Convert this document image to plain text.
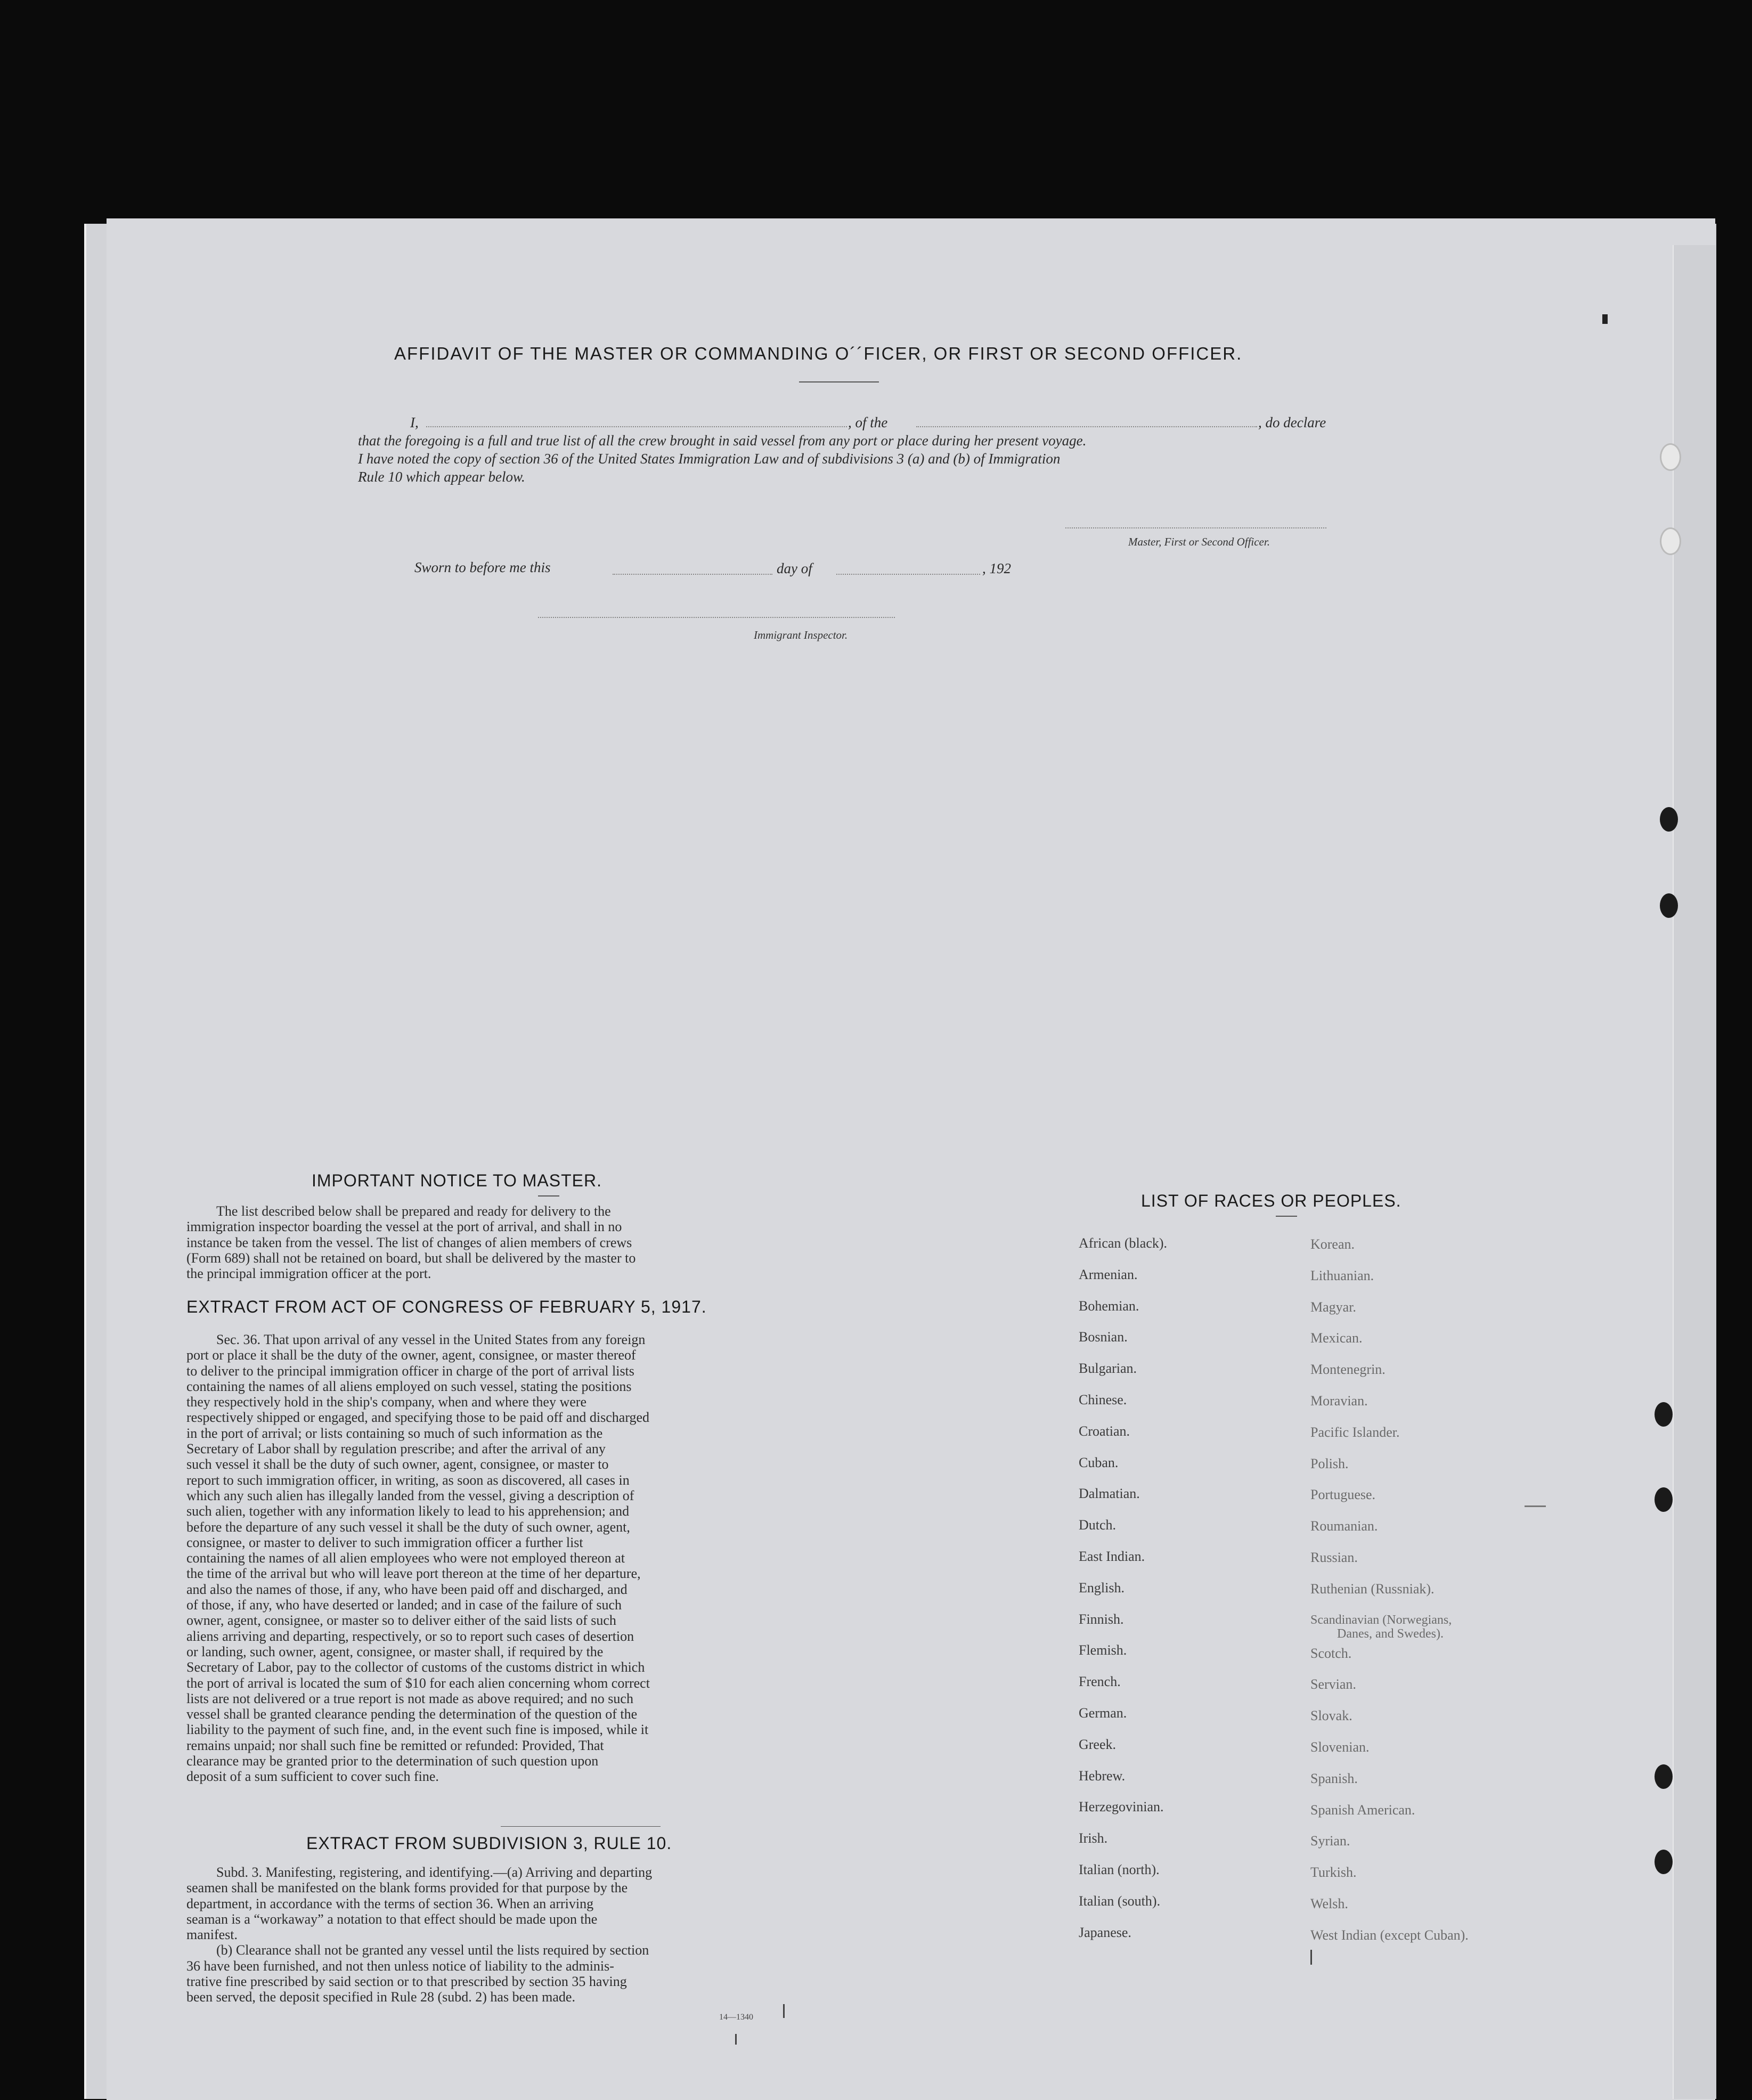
AFFIDAVIT OF THE MASTER OR COMMANDING O´´FICER, OR FIRST OR SECOND OFFICER.
I,	, of the	, do declare
that the foregoing is a full and true list of all the crew brought in said vessel from any port or place during her present voyage.
I have noted the copy of section 36 of the United States Immigration Law and of subdivisions 3 (a) and (b) of Immigration
Rule 10 which appear below.
Master, First or Second Officer.
Sworn to before me this	day of	, 192
Immigrant Inspector.
IMPORTANT NOTICE TO MASTER.
The list described below shall be prepared and ready for delivery to the
immigration inspector boarding the vessel at the port of arrival, and shall in no
instance be taken from the vessel. The list of changes of alien members of crews
(Form 689) shall not be retained on board, but shall be delivered by the master to
the principal immigration officer at the port.
EXTRACT FROM ACT OF CONGRESS OF FEBRUARY 5, 1917.
Sec. 36. That upon arrival of any vessel in the United States from any foreign
port or place it shall be the duty of the owner, agent, consignee, or master thereof
to deliver to the principal immigration officer in charge of the port of arrival lists
containing the names of all aliens employed on such vessel, stating the positions
they respectively hold in the ship's company, when and where they were
respectively shipped or engaged, and specifying those to be paid off and discharged
in the port of arrival; or lists containing so much of such information as the
Secretary of Labor shall by regulation prescribe; and after the arrival of any
such vessel it shall be the duty of such owner, agent, consignee, or master to
report to such immigration officer, in writing, as soon as discovered, all cases in
which any such alien has illegally landed from the vessel, giving a description of
such alien, together with any information likely to lead to his apprehension; and
before the departure of any such vessel it shall be the duty of such owner, agent,
consignee, or master to deliver to such immigration officer a further list
containing the names of all alien employees who were not employed thereon at
the time of the arrival but who will leave port thereon at the time of her departure,
and also the names of those, if any, who have been paid off and discharged, and
of those, if any, who have deserted or landed; and in case of the failure of such
owner, agent, consignee, or master so to deliver either of the said lists of such
aliens arriving and departing, respectively, or so to report such cases of desertion
or landing, such owner, agent, consignee, or master shall, if required by the
Secretary of Labor, pay to the collector of customs of the customs district in which
the port of arrival is located the sum of $10 for each alien concerning whom correct
lists are not delivered or a true report is not made as above required; and no such
vessel shall be granted clearance pending the determination of the question of the
liability to the payment of such fine, and, in the event such fine is imposed, while it
remains unpaid; nor shall such fine be remitted or refunded: Provided, That
clearance may be granted prior to the determination of such question upon
deposit of a sum sufficient to cover such fine.
EXTRACT FROM SUBDIVISION 3, RULE 10.
Subd. 3. Manifesting, registering, and identifying.—(a) Arriving and departing
seamen shall be manifested on the blank forms provided for that purpose by the
department, in accordance with the terms of section 36. When an arriving
seaman is a “workaway” a notation to that effect should be made upon the
manifest.
(b) Clearance shall not be granted any vessel until the lists required by section
36 have been furnished, and not then unless notice of liability to the adminis-
trative fine prescribed by said section or to that prescribed by section 35 having
been served, the deposit specified in Rule 28 (subd. 2) has been made.
14—1340
LIST OF RACES OR PEOPLES.
African (black).
Armenian.
Bohemian.
Bosnian.
Bulgarian.
Chinese.
Croatian.
Cuban.
Dalmatian.
Dutch.
East Indian.
English.
Finnish.
Flemish.
French.
German.
Greek.
Hebrew.
Herzegovinian.
Irish.
Italian (north).
Italian (south).
Japanese.
Korean.
Lithuanian.
Magyar.
Mexican.
Montenegrin.
Moravian.
Pacific Islander.
Polish.
Portuguese.
Roumanian.
Russian.
Ruthenian (Russniak).
Scandinavian (Norwegians,
Danes, and Swedes).
Scotch.
Servian.
Slovak.
Slovenian.
Spanish.
Spanish American.
Syrian.
Turkish.
Welsh.
West Indian (except Cuban).
